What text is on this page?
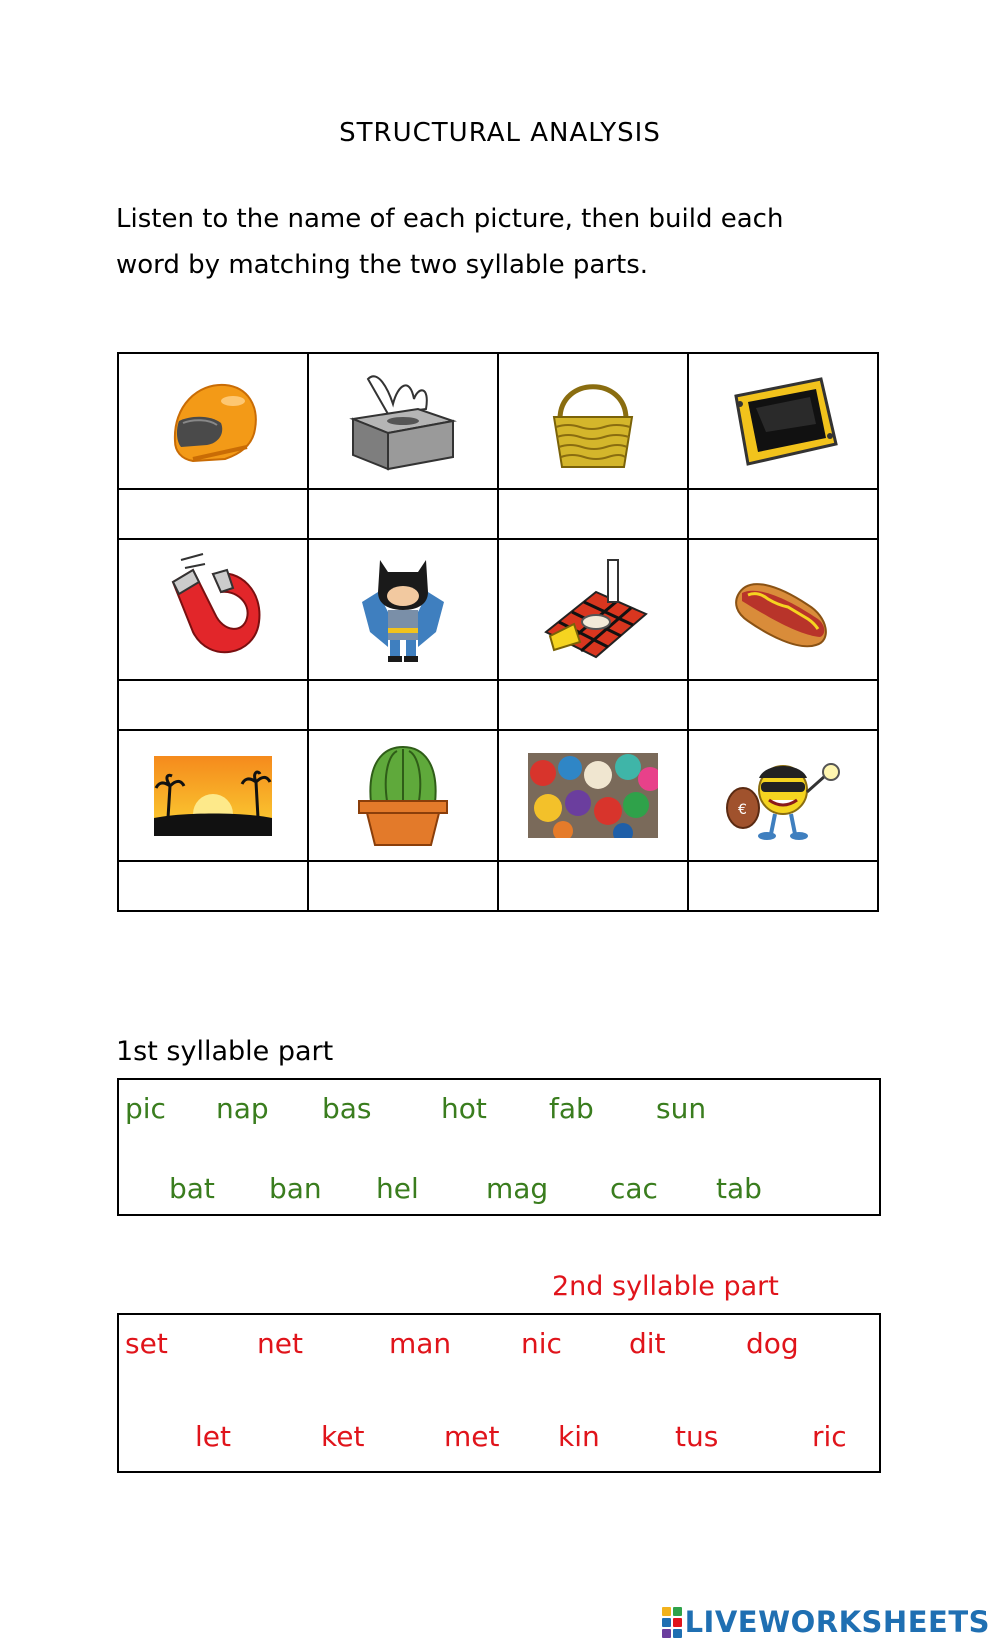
STRUCTURAL ANALYSIS
Listen to the name of each picture, then build each
word by matching the two syllable parts.

€

1st syllable part
pic nap bas hot fab sun
bat ban hel mag cac tab
2nd syllable part
set	net	man nic dit	dog
let	ket	met kin	tus	ric
LIVEWORKSHEETS
